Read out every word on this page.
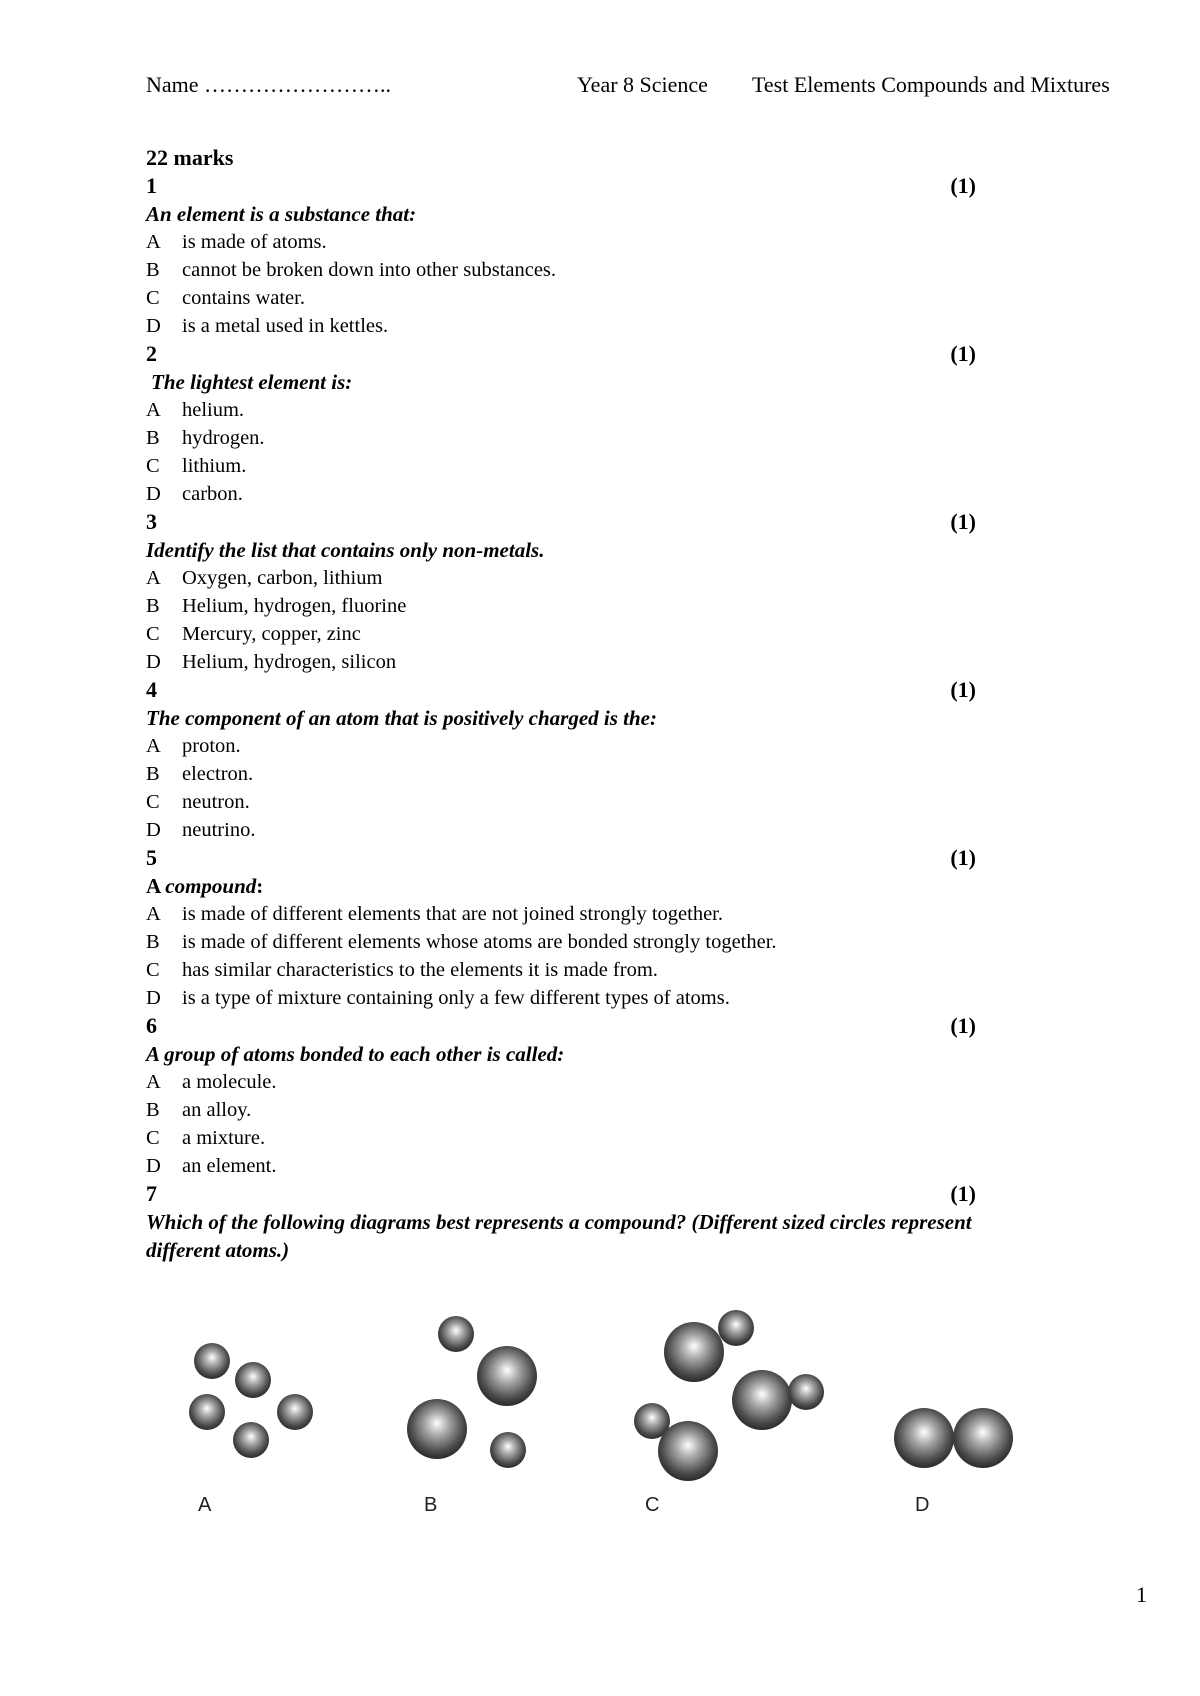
Name ……………………..	Year 8 Science Test Elements Compounds and Mixtures
22 marks
1	(1)
An element is a substance that:
A is made of atoms.
B cannot be broken down into other substances.
C contains water.
D is a metal used in kettles.
2	(1)
The lightest element is:
A helium.
B hydrogen.
C lithium.
D carbon.
3	(1)
Identify the list that contains only non-metals.
A Oxygen, carbon, lithium
B Helium, hydrogen, fluorine
C Mercury, copper, zinc
D Helium, hydrogen, silicon
4	(1)
The component of an atom that is positively charged is the:
A proton.
B electron.
C neutron.
D neutrino.
5	(1)
A compound:
A is made of different elements that are not joined strongly together.
B is made of different elements whose atoms are bonded strongly together.
C has similar characteristics to the elements it is made from.
D is a type of mixture containing only a few different types of atoms.
6	(1)
A group of atoms bonded to each other is called:
A a molecule.
B an alloy.
C a mixture.
D an element.
7	(1)
Which of the following diagrams best represents a compound? (Different sized circles represent different atoms.)
A	B	C	D
1
